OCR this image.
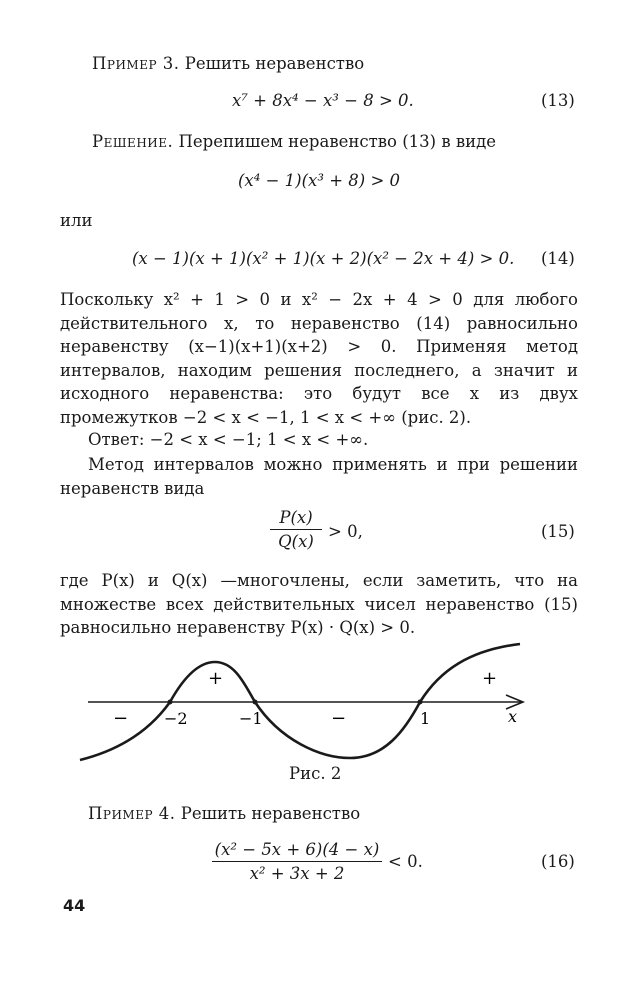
Пример 3. Решить неравенство
x⁷ + 8x⁴ − x³ − 8 > 0.	(13)
Решение. Перепишем неравенство (13) в виде
(x⁴ − 1)(x³ + 8) > 0
или
(x − 1)(x + 1)(x² + 1)(x + 2)(x² − 2x + 4) > 0. (14)
Поскольку x² + 1 > 0 и x² − 2x + 4 > 0 для любого действительного x, то неравенство (14) равносильно неравенству (x−1)(x+1)(x+2) > 0. Применяя метод интервалов, находим решения последнего, а значит и исходного неравенства: это будут все x из двух промежутков −2 < x < −1, 1 < x < +∞ (рис. 2).
Ответ: −2 < x < −1; 1 < x < +∞.
Метод интервалов можно применять и при решении неравенств вида
P(x)
Q(x)
> 0,	(15)
где P(x) и Q(x) —многочлены, если заметить, что на множестве всех действительных чисел неравенство (15) равносильно неравенству P(x) · Q(x) > 0.
−2	−1	1	x
−
+
−
+
Рис. 2
Пример 4. Решить неравенство
(x² − 5x + 6)(4 − x)
x² + 3x + 2
< 0.	(16)
44
